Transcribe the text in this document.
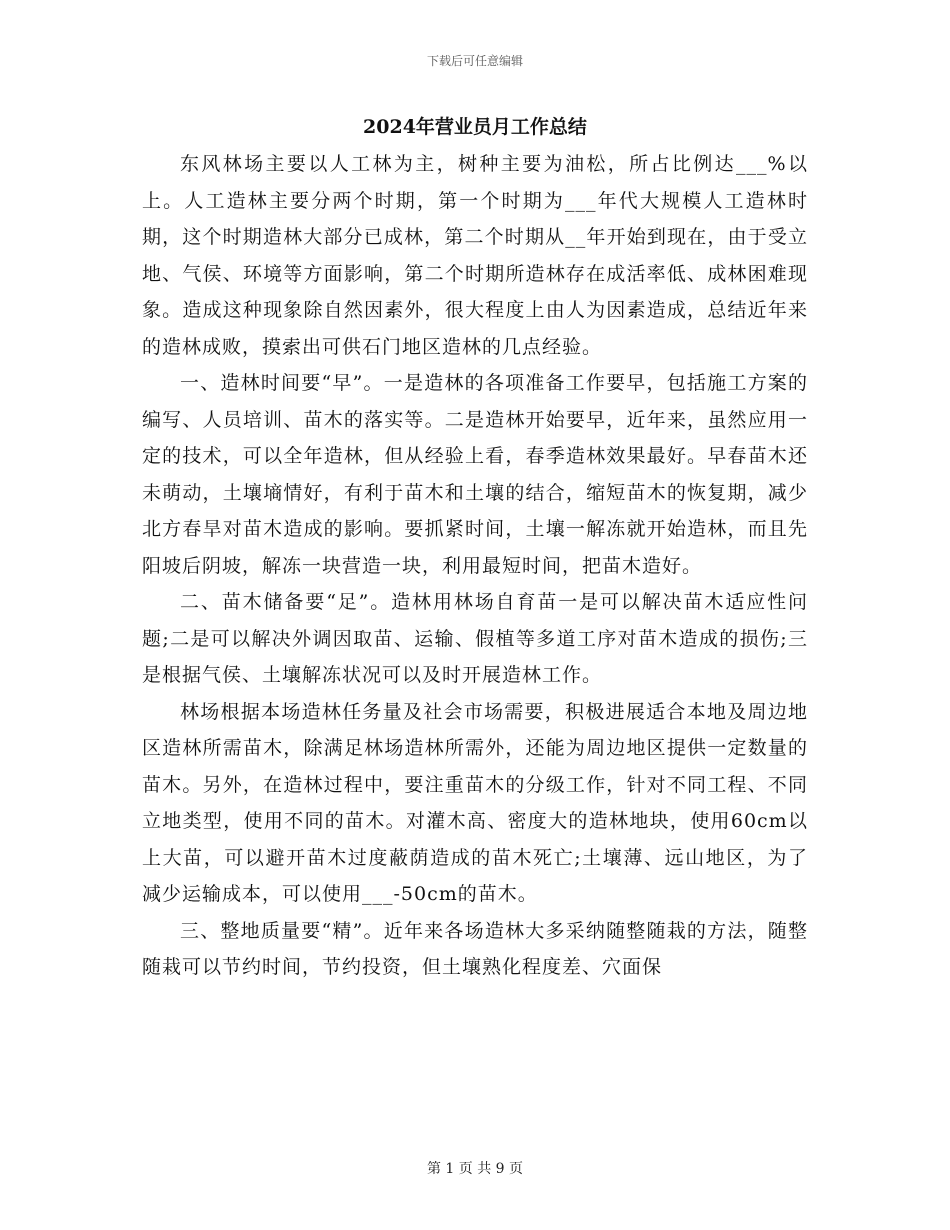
下载后可任意编辑
2024年营业员月工作总结

东风林场主要以人工林为主，树种主要为油松，所占比例达___%以上。人工造林主要分两个时期，第一个时期为___年代大规模人工造林时期，这个时期造林大部分已成林，第二个时期从__年开始到现在，由于受立地、气侯、环境等方面影响，第二个时期所造林存在成活率低、成林困难现象。造成这种现象除自然因素外，很大程度上由人为因素造成，总结近年来的造林成败，摸索出可供石门地区造林的几点经验。

一、造林时间要“早”。一是造林的各项准备工作要早，包括施工方案的编写、人员培训、苗木的落实等。二是造林开始要早，近年来，虽然应用一定的技术，可以全年造林，但从经验上看，春季造林效果最好。早春苗木还未萌动，土壤墒情好，有利于苗木和土壤的结合，缩短苗木的恢复期，减少北方春旱对苗木造成的影响。要抓紧时间，土壤一解冻就开始造林，而且先阳坡后阴坡，解冻一块营造一块，利用最短时间，把苗木造好。

二、苗木储备要“足”。造林用林场自育苗一是可以解决苗木适应性问题;二是可以解决外调因取苗、运输、假植等多道工序对苗木造成的损伤;三是根据气侯、土壤解冻状况可以及时开展造林工作。

林场根据本场造林任务量及社会市场需要，积极进展适合本地及周边地区造林所需苗木，除满足林场造林所需外，还能为周边地区提供一定数量的苗木。另外，在造林过程中，要注重苗木的分级工作，针对不同工程、不同立地类型，使用不同的苗木。对灌木高、密度大的造林地块，使用60cm以上大苗，可以避开苗木过度蔽荫造成的苗木死亡;土壤薄、远山地区，为了减少运输成本，可以使用___-50cm的苗木。

三、整地质量要“精”。近年来各场造林大多采纳随整随栽的方法，随整随栽可以节约时间，节约投资，但土壤熟化程度差、穴面保

第 1 页 共 9 页
